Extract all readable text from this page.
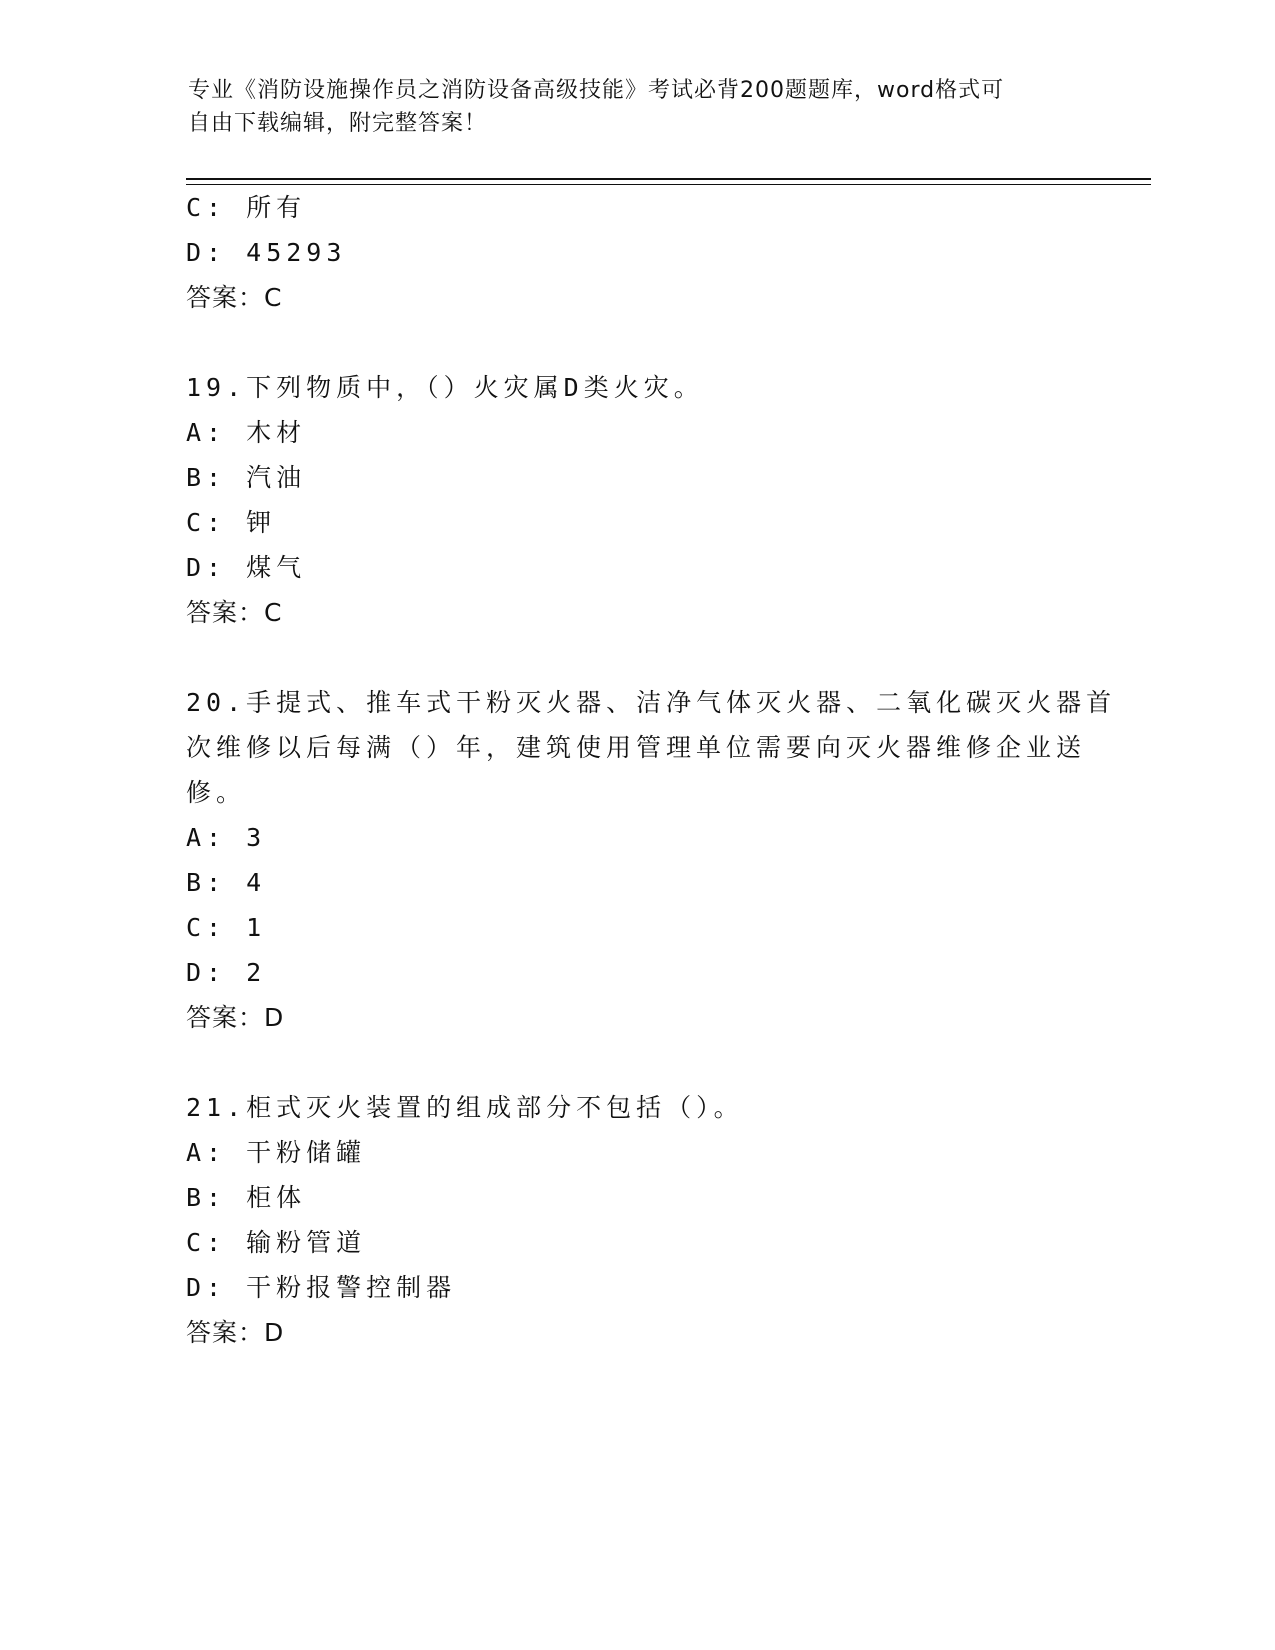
专业《消防设施操作员之消防设备高级技能》考试必背200题题库，word格式可
自由下载编辑，附完整答案！
C: 所有
D: 45293
答案：C
19.下列物质中，（）火灾属D类火灾。
A: 木材
B: 汽油
C: 钾
D: 煤气
答案：C
20.手提式、推车式干粉灭火器、洁净气体灭火器、二氧化碳灭火器首
次维修以后每满（）年，建筑使用管理单位需要向灭火器维修企业送
修。
A: 3
B: 4
C: 1
D: 2
答案：D
21.柜式灭火装置的组成部分不包括（）。
A: 干粉储罐
B: 柜体
C: 输粉管道
D: 干粉报警控制器
答案：D
